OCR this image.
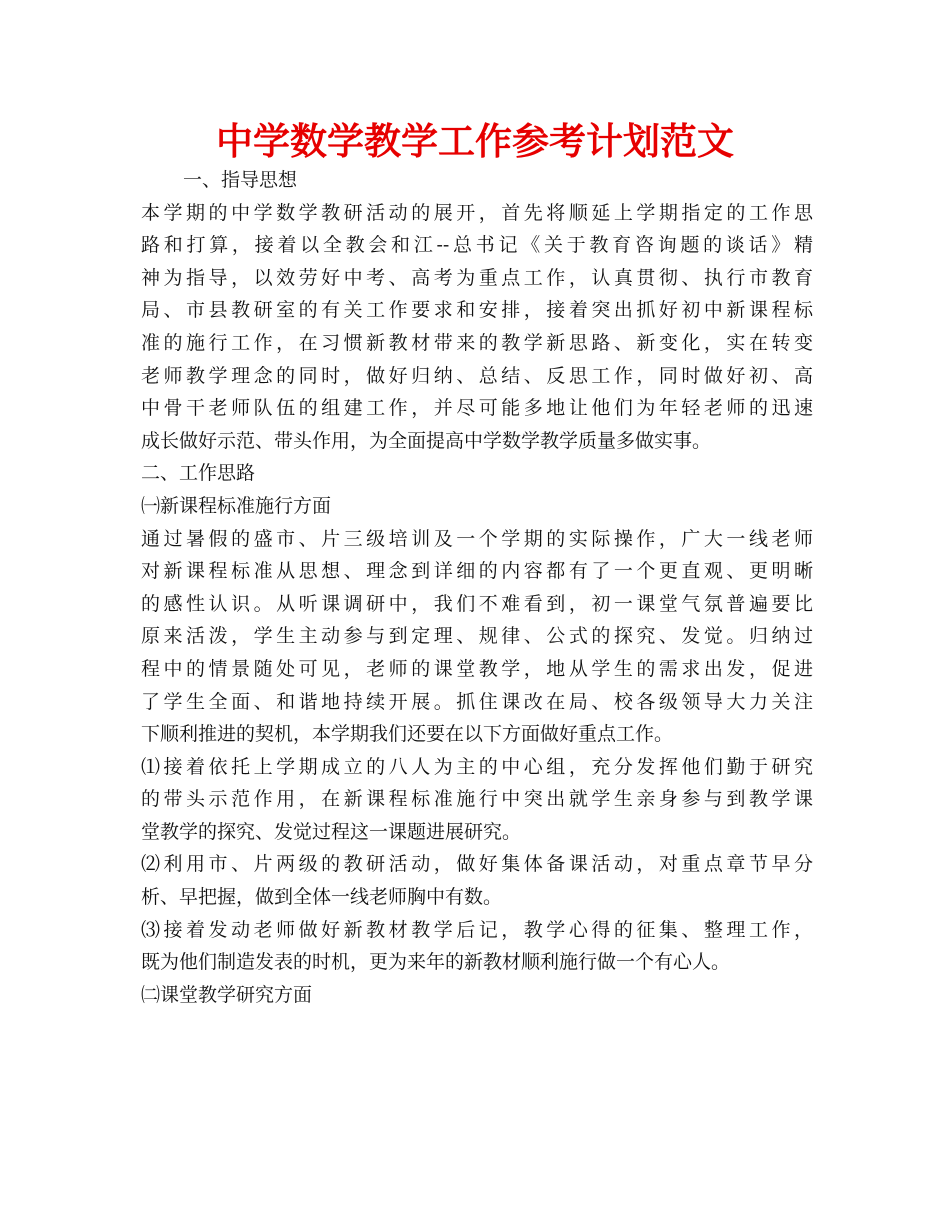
中学数学教学工作参考计划范文
一、指导思想
本学期的中学数学教研活动的展开，首先将顺延上学期指定的工作思
路和打算，接着以全教会和江--总书记《关于教育咨询题的谈话》精
神为指导，以效劳好中考、高考为重点工作，认真贯彻、执行市教育
局、市县教研室的有关工作要求和安排，接着突出抓好初中新课程标
准的施行工作，在习惯新教材带来的教学新思路、新变化，实在转变
老师教学理念的同时，做好归纳、总结、反思工作，同时做好初、高
中骨干老师队伍的组建工作，并尽可能多地让他们为年轻老师的迅速
成长做好示范、带头作用，为全面提高中学数学教学质量多做实事。
二、工作思路
㈠新课程标准施行方面
通过暑假的盛市、片三级培训及一个学期的实际操作，广大一线老师
对新课程标准从思想、理念到详细的内容都有了一个更直观、更明晰
的感性认识。从听课调研中，我们不难看到，初一课堂气氛普遍要比
原来活泼，学生主动参与到定理、规律、公式的探究、发觉。归纳过
程中的情景随处可见，老师的课堂教学，地从学生的需求出发，促进
了学生全面、和谐地持续开展。抓住课改在局、校各级领导大力关注
下顺利推进的契机，本学期我们还要在以下方面做好重点工作。
⑴接着依托上学期成立的八人为主的中心组，充分发挥他们勤于研究
的带头示范作用，在新课程标准施行中突出就学生亲身参与到教学课
堂教学的探究、发觉过程这一课题进展研究。
⑵利用市、片两级的教研活动，做好集体备课活动，对重点章节早分
析、早把握，做到全体一线老师胸中有数。
⑶接着发动老师做好新教材教学后记，教学心得的征集、整理工作，
既为他们制造发表的时机，更为来年的新教材顺利施行做一个有心人。
㈡课堂教学研究方面
